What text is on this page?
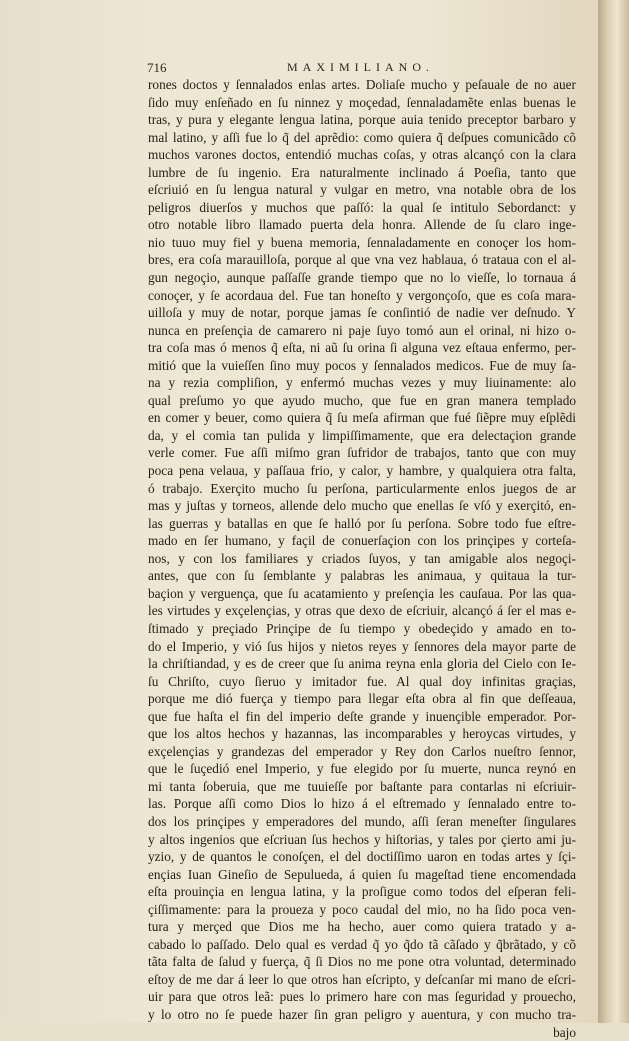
716	MAXIMILIANO.
rones doctos y ſennalados enlas artes. Doliaſe mucho y peſauale de no auer
ſido muy enſeñado en ſu ninnez y moçedad, ſennaladamẽte enlas buenas le
tras, y pura y elegante lengua latina, porque auia tenido preceptor barbaro y
mal latino, y aſſi fue lo q̃ del aprẽdio: como quiera q̃ deſpues comunicãdo cõ
muchos varones doctos, entendió muchas coſas, y otras alcançó con la clara
lumbre de ſu ingenio. Era naturalmente inclinado á Poeſia, tanto que
eſcriuió en ſu lengua natural y vulgar en metro, vna notable obra de los
peligros diuerſos y muchos que paſſó: la qual ſe intitulo Sebordanct: y
otro notable libro llamado puerta dela honra. Allende de ſu claro inge-
nio tuuo muy fiel y buena memoria, ſennaladamente en conoçer los hom-
bres, era coſa marauilloſa, porque al que vna vez hablaua, ó trataua con el al-
gun negoçio, aunque paſſaſſe grande tiempo que no lo vieſſe, lo tornaua á
conoçer, y ſe acordaua del. Fue tan honeſto y vergonçoſo, que es coſa mara-
uilloſa y muy de notar, porque jamas ſe conſintió de nadie ver deſnudo. Y
nunca en preſençia de camarero ni paje ſuyo tomó aun el orinal, ni hizo o-
tra coſa mas ó menos q̃ eſta, ni aũ ſu orina ſi alguna vez eſtaua enfermo, per-
mitió que la vuieſſen ſino muy pocos y ſennalados medicos. Fue de muy ſa-
na y rezia compliſion, y enfermó muchas vezes y muy liuinamente: alo
qual preſumo yo que ayudo mucho, que fue en gran manera templado
en comer y beuer, como quiera q̃ ſu meſa afirman que fué ſiẽpre muy eſplẽdi
da, y el comia tan pulida y limpiſſimamente, que era delectaçion grande
verle comer. Fue aſſi miſmo gran ſufridor de trabajos, tanto que con muy
poca pena velaua, y paſſaua frio, y calor, y hambre, y qualquiera otra falta,
ó trabajo. Exerçito mucho ſu perſona, particularmente enlos juegos de ar
mas y juſtas y torneos, allende delo mucho que enellas ſe vſó y exerçitó, en-
las guerras y batallas en que ſe halló por ſu perſona. Sobre todo fue eſtre-
mado en ſer humano, y façil de conuerſaçion con los prinçipes y corteſa-
nos, y con los familiares y criados ſuyos, y tan amigable alos negoçi-
antes, que con ſu ſemblante y palabras les animaua, y quitaua la tur-
baçion y verguença, que ſu acatamiento y preſençia les cauſaua. Por las qua-
les virtudes y exçelençias, y otras que dexo de eſcriuir, alcançó á ſer el mas e-
ſtimado y preçiado Prinçipe de ſu tiempo y obedeçido y amado en to-
do el Imperio, y vió ſus hijos y nietos reyes y ſennores dela mayor parte de
la chriſtiandad, y es de creer que ſu anima reyna enla gloria del Cielo con Ie-
ſu Chriſto, cuyo ſieruo y imitador fue. Al qual doy infinitas graçias,
porque me dió fuerça y tiempo para llegar eſta obra al fin que deſſeaua,
que fue haſta el fin del imperio deſte grande y inuençible emperador. Por-
que los altos hechos y hazannas, las incomparables y heroycas virtudes, y
exçelençias y grandezas del emperador y Rey don Carlos nueſtro ſennor,
que le ſuçedió enel Imperio, y fue elegido por ſu muerte, nunca reynó en
mi tanta ſoberuia, que me tuuieſſe por baſtante para contarlas ni eſcriuir-
las. Porque aſſi como Dios lo hizo á el eſtremado y ſennalado entre to-
dos los prinçipes y emperadores del mundo, aſſi ſeran meneſter ſingulares
y altos ingenios que eſcriuan ſus hechos y hiſtorias, y tales por çierto ami ju-
yzio, y de quantos le conoſçen, el del doctiſſimo uaron en todas artes y ſçi-
ençias Iuan Gineſio de Sepulueda, á quien ſu mageſtad tiene encomendada
eſta prouinçia en lengua latina, y la proſigue como todos del eſperan feli-
çiſſimamente: para la proueza y poco caudal del mio, no ha ſido poca ven-
tura y merçed que Dios me ha hecho, auer como quiera tratado y a-
cabado lo paſſado. Delo qual es verdad q̃ yo q̃do tã cãſado y q̃brãtado, y cõ
tãta falta de ſalud y fuerça, q̃ ſi Dios no me pone otra voluntad, determinado
eſtoy de me dar á leer lo que otros han eſcripto, y deſcanſar mi mano de eſcri-
uir para que otros leã: pues lo primero hare con mas ſeguridad y prouecho,
y lo otro no ſe puede hazer ſin gran peligro y auentura, y con mucho tra-
bajo
